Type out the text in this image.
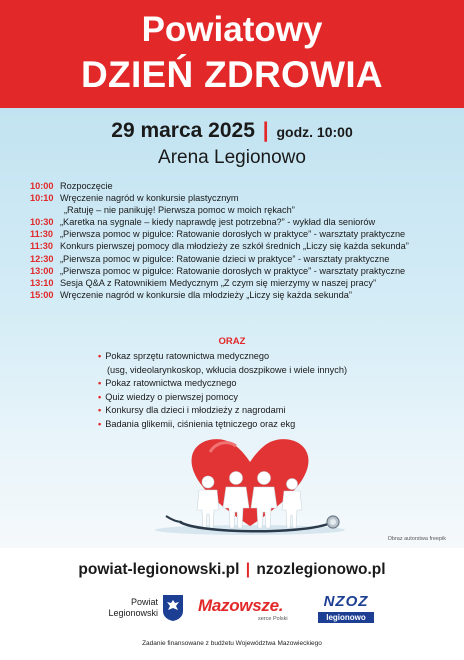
Powiatowy
DZIEŃ ZDROWIA
29 marca 2025 | godz. 10:00
Arena Legionowo
10:00 Rozpoczęcie
10:10 Wręczenie nagród w konkursie plastycznym
„Ratuję – nie panikuję! Pierwsza pomoc w moich rękach”
10:30 „Karetka na sygnale – kiedy naprawdę jest potrzebna?” - wykład dla seniorów
11:30 „Pierwsza pomoc w pigułce: Ratowanie dorosłych w praktyce” - warsztaty praktyczne
11:30 Konkurs pierwszej pomocy dla młodzieży ze szkół średnich „Liczy się każda sekunda”
12:30 „Pierwsza pomoc w pigułce: Ratowanie dzieci w praktyce” - warsztaty praktyczne
13:00 „Pierwsza pomoc w pigułce: Ratowanie dorosłych w praktyce” - warsztaty praktyczne
13:10 Sesja Q&A z Ratownikiem Medycznym „Z czym się mierzymy w naszej pracy”
15:00 Wręczenie nagród w konkursie dla młodzieży „Liczy się każda sekunda”
ORAZ
• Pokaz sprzętu ratownictwa medycznego
(usg, videolarynkoskop, wkłucia doszpikowe i wiele innych)
• Pokaz ratownictwa medycznego
• Quiz wiedzy o pierwszej pomocy
• Konkursy dla dzieci i młodzieży z nagrodami
• Badania glikemii, ciśnienia tętniczego oraz ekg
Obraz autorstwa freepik
powiat-legionowski.pl | nzozlegionowo.pl
Powiat
Legionowski Mazowsze.
serce Polski
NZOZ
legionowo
Zadanie finansowane z budżetu Województwa Mazowieckiego
